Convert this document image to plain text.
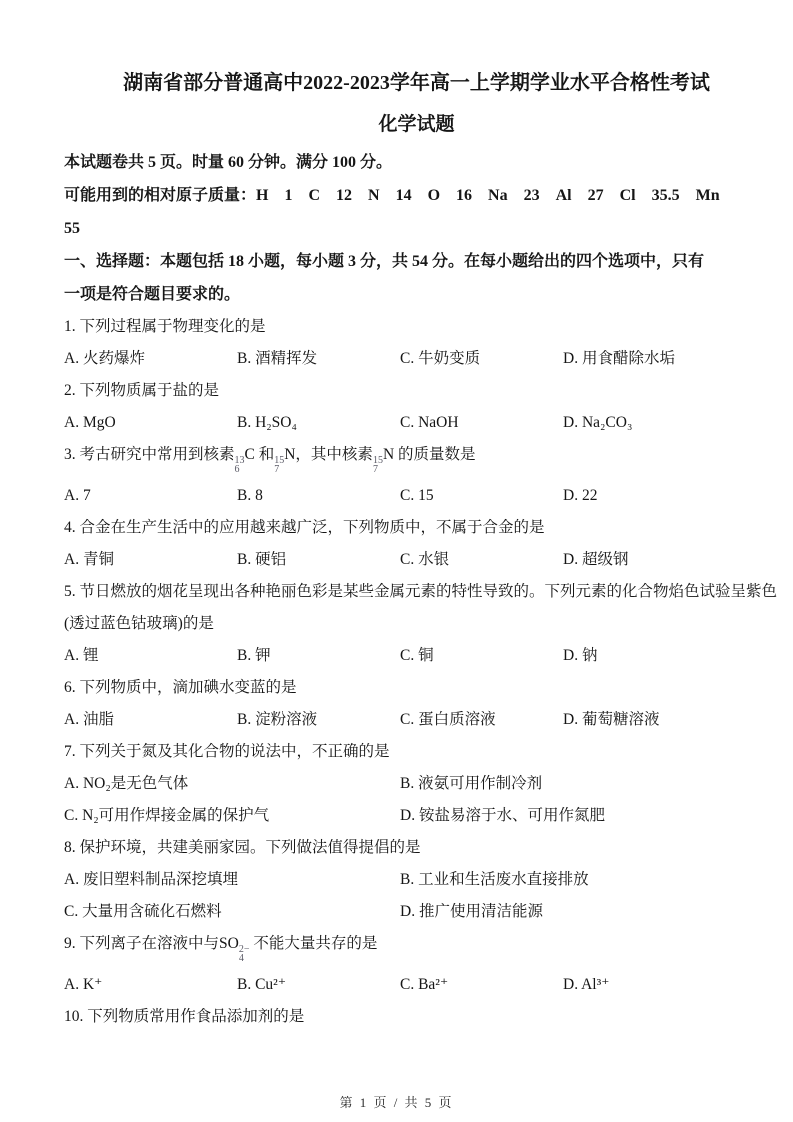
湖南省部分普通高中2022-2023学年高一上学期学业水平合格性考试
化学试题
本试题卷共 5 页。时量 60 分钟。满分 100 分。
可能用到的相对原子质量： H 1 C 12 N 14 O 16 Na 23 Al 27 Cl 35.5 Mn
55
一、选择题：本题包括 18 小题，每小题 3 分，共 54 分。在每小题给出的四个选项中，只有
一项是符合题目要求的。
1. 下列过程属于物理变化的是
A. 火药爆炸	B. 酒精挥发	C. 牛奶变质	D. 用食醋除水垢
2. 下列物质属于盐的是
A. MgO	B. H₂SO₄	C. NaOH	D. Na₂CO₃
3. 考古研究中常用到核素 13
6
C 和 15
7
N，其中核素 15
7
N 的质量数是
A. 7	B. 8	C. 15	D. 22
4. 合金在生产生活中的应用越来越广泛，下列物质中，不属于合金的是
A. 青铜	B. 硬铝	C. 水银	D. 超级钢
5. 节日燃放的烟花呈现出各种艳丽色彩是某些金属元素的特性导致的。下列元素的化合物焰色试验呈紫色
(透过蓝色钴玻璃)的是
A. 锂	B. 钾	C. 铜	D. 钠
6. 下列物质中，滴加碘水变蓝的是
A. 油脂	B. 淀粉溶液	C. 蛋白质溶液	D. 葡萄糖溶液
7. 下列关于氮及其化合物的说法中，不正确的是
A. NO₂是无色气体	B. 液氨可用作制冷剂
C. N₂可用作焊接金属的保护气	D. 铵盐易溶于水、可用作氮肥
8. 保护环境，共建美丽家园。下列做法值得提倡的是
A. 废旧塑料制品深挖填埋	B. 工业和生活废水直接排放
C. 大量用含硫化石燃料	D. 推广使用清洁能源
9. 下列离子在溶液中与SO 2−
4
不能大量共存的是
A. K⁺	B. Cu²⁺	C. Ba²⁺	D. Al³⁺
10. 下列物质常用作食品添加剂的是
第 1 页 / 共 5 页
